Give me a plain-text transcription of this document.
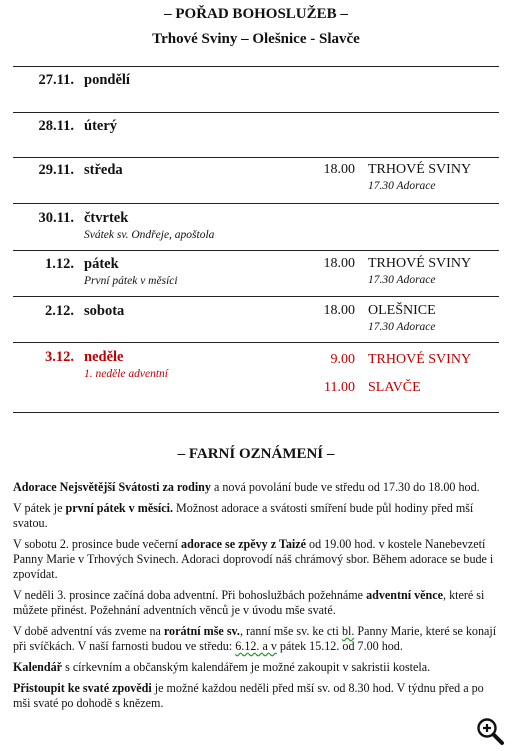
– POŘAD BOHOSLUŽEB –
Trhové Sviny – Olešnice - Slavče
27.11. pondělí
28.11. úterý
29.11. středa	18.00 TRHOVÉ SVINY
17.30 Adorace
30.11. čtvrtek
Svátek sv. Ondřeje, apoštola
1.12. pátek
První pátek v měsíci
18.00 TRHOVÉ SVINY
17.30 Adorace
2.12. sobota	18.00 OLEŠNICE
17.30 Adorace
3.12. neděle
1. neděle adventní
9.00 TRHOVÉ SVINY
11.00 SLAVČE
– FARNÍ OZNÁMENÍ –

Adorace Nejsvětější Svátosti za rodiny a nová povolání bude ve středu od 17.30 do 18.00 hod.

V pátek je první pátek v měsíci. Možnost adorace a svátosti smíření bude půl hodiny před mší svatou.

V sobotu 2. prosince bude večerní adorace se zpěvy z Taizé od 19.00 hod. v kostele Nanebevzetí Panny Marie v Trhových Svinech. Adoraci doprovodí náš chrámový sbor. Během adorace se bude i zpovídat.

V neděli 3. prosince začíná doba adventní. Při bohoslužbách požehnáme adventní věnce, které si můžete přinést. Požehnání adventních věnců je v úvodu mše svaté.

V době adventní vás zveme na rorátní mše sv., ranní mše sv. ke cti bl. Panny Marie, které se konají při svíčkách. V naší farnosti budou ve středu: 6.12. a v pátek 15.12. od 7.00 hod.

Kalendář s církevním a občanským kalendářem je možné zakoupit v sakristii kostela.

Přistoupit ke svaté zpovědi je možné každou neděli před mší sv. od 8.30 hod. V týdnu před a po mši svaté po dohodě s knězem.
